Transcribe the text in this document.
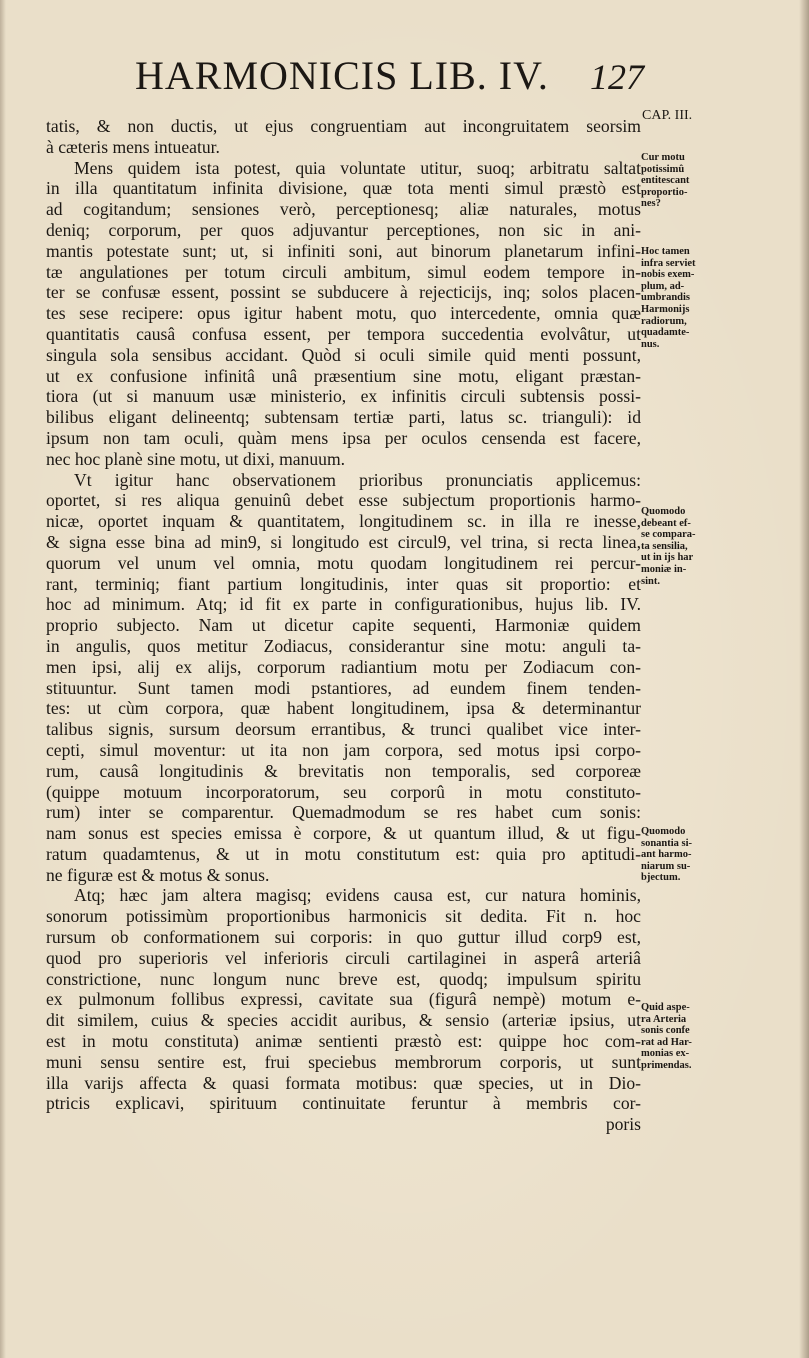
HARMONICIS LIB. IV. 127
CAP. III.

tatis, & non ductis, ut ejus congruentiam aut incongruitatem seorsim

à cæteris mens intueatur.

Mens quidem ista potest, quia voluntate utitur, suoq; arbitratu saltat

in illa quantitatum infinita divisione, quæ tota menti simul præstò est

ad cogitandum; sensiones verò, perceptionesq; aliæ naturales, motus

deniq; corporum, per quos adjuvantur perceptiones, non sic in ani-

mantis potestate sunt; ut, si infiniti soni, aut binorum planetarum infini-

tæ angulationes per totum circuli ambitum, simul eodem tempore in-

ter se confusæ essent, possint se subducere à rejecticijs, inq; solos placen-

tes sese recipere: opus igitur habent motu, quo intercedente, omnia quæ

quantitatis causâ confusa essent, per tempora succedentia evolvâtur, ut

singula sola sensibus accidant. Quòd si oculi simile quid menti possunt,

ut ex confusione infinitâ unâ præsentium sine motu, eligant præstan-

tiora (ut si manuum usæ ministerio, ex infinitis circuli subtensis possi-

bilibus eligant delineentq; subtensam tertiæ parti, latus sc. trianguli): id

ipsum non tam oculi, quàm mens ipsa per oculos censenda est facere,

nec hoc planè sine motu, ut dixi, manuum.

Vt igitur hanc observationem prioribus pronunciatis applicemus:

oportet, si res aliqua genuinû debet esse subjectum proportionis harmo-

nicæ, oportet inquam & quantitatem, longitudinem sc. in illa re inesse,

& signa esse bina ad min9, si longitudo est circul9, vel trina, si recta linea,

quorum vel unum vel omnia, motu quodam longitudinem rei percur-

rant, terminiq; fiant partium longitudinis, inter quas sit proportio: et

hoc ad minimum. Atq; id fit ex parte in configurationibus, hujus lib. IV.

proprio subjecto. Nam ut dicetur capite sequenti, Harmoniæ quidem

in angulis, quos metitur Zodiacus, considerantur sine motu: anguli ta-

men ipsi, alij ex alijs, corporum radiantium motu per Zodiacum con-

stituuntur. Sunt tamen modi pstantiores, ad eundem finem tenden-

tes: ut cùm corpora, quæ habent longitudinem, ipsa & determinantur

talibus signis, sursum deorsum errantibus, & trunci qualibet vice inter-

cepti, simul moventur: ut ita non jam corpora, sed motus ipsi corpo-

rum, causâ longitudinis & brevitatis non temporalis, sed corporeæ

(quippe motuum incorporatorum, seu corporû in motu constituto-

rum) inter se comparentur. Quemadmodum se res habet cum sonis:

nam sonus est species emissa è corpore, & ut quantum illud, & ut figu-

ratum quadamtenus, & ut in motu constitutum est: quia pro aptitudi-

ne figuræ est & motus & sonus.

Atq; hæc jam altera magisq; evidens causa est, cur natura hominis,

sonorum potissimùm proportionibus harmonicis sit dedita. Fit n. hoc

rursum ob conformationem sui corporis: in quo guttur illud corp9 est,

quod pro superioris vel inferioris circuli cartilaginei in asperâ arteriâ

constrictione, nunc longum nunc breve est, quodq; impulsum spiritu

ex pulmonum follibus expressi, cavitate sua (figurâ nempè) motum e-

dit similem, cuius & species accidit auribus, & sensio (arteriæ ipsius, ut

est in motu constituta) animæ sentienti præstò est: quippe hoc com-

muni sensu sentire est, frui speciebus membrorum corporis, ut sunt

illa varijs affecta & quasi formata motibus: quæ species, ut in Dio-

ptricis explicavi, spirituum continuitate feruntur à membris cor-

poris

Cur motu
potissimû
entitescant
proportio-
nes?
Hoc tamen
infra serviet
nobis exem-
plum, ad-
umbrandis
Harmonijs
radiorum,
quadamte-
nus.
Quomodo
debeant ef-
se compara-
ta sensilia,
ut in ijs har
moniæ in-
sint.
Quomodo
sonantia si-
ant harmo-
niarum su-
bjectum.
Quid aspe-
ra Arteria
sonis confe
rat ad Har-
monias ex-
primendas.
